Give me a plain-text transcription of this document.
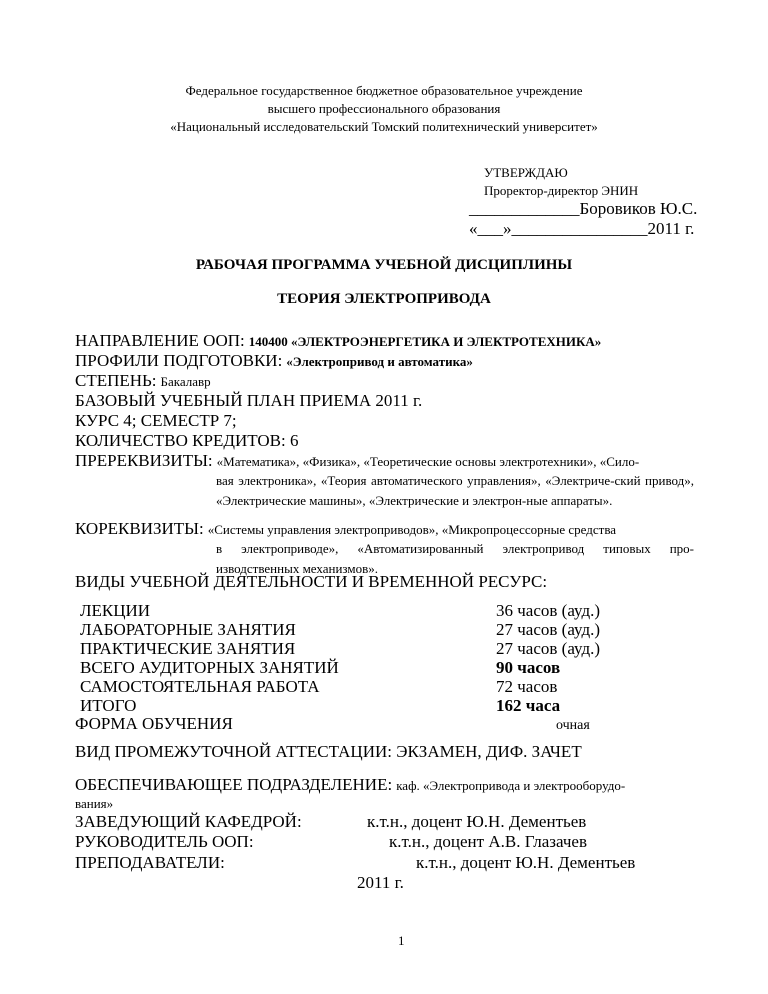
Федеральное государственное бюджетное образовательное учреждение
высшего профессионального образования
«Национальный исследовательский Томский политехнический университет»
УТВЕРЖДАЮ
Проректор-директор ЭНИН
_____________Боровиков Ю.С.
«___»________________2011 г.
РАБОЧАЯ ПРОГРАММА УЧЕБНОЙ ДИСЦИПЛИНЫ
ТЕОРИЯ ЭЛЕКТРОПРИВОДА
НАПРАВЛЕНИЕ ООП: 140400 «ЭЛЕКТРОЭНЕРГЕТИКА И ЭЛЕКТРОТЕХНИКА»
ПРОФИЛИ ПОДГОТОВКИ: «Электропривод и автоматика»
СТЕПЕНЬ: Бакалавр
БАЗОВЫЙ УЧЕБНЫЙ ПЛАН ПРИЕМА 2011 г.
КУРС 4; СЕМЕСТР 7;
КОЛИЧЕСТВО КРЕДИТОВ: 6
ПРЕРЕКВИЗИТЫ: «Математика», «Физика», «Теоретические основы электротехники», «Сило-
вая электроника», «Теория автоматического управления», «Электриче-ский привод», «Электрические машины», «Электрические и электрон-ные аппараты».
КОРЕКВИЗИТЫ: «Системы управления электроприводов», «Микропроцессорные средства
в электроприводе», «Автоматизированный электропривод типовых про-изводственных механизмов».
ВИДЫ УЧЕБНОЙ ДЕЯТЕЛЬНОСТИ И ВРЕМЕННОЙ РЕСУРС:
ЛЕКЦИИ	36 часов (ауд.)
ЛАБОРАТОРНЫЕ ЗАНЯТИЯ	27 часов (ауд.)
ПРАКТИЧЕСКИЕ ЗАНЯТИЯ	27 часов (ауд.)
ВСЕГО АУДИТОРНЫХ ЗАНЯТИЙ	90 часов
САМОСТОЯТЕЛЬНАЯ РАБОТА	72 часов
ИТОГО	162 часа
ФОРМА ОБУЧЕНИЯ	очная
ВИД ПРОМЕЖУТОЧНОЙ АТТЕСТАЦИИ: ЭКЗАМЕН, ДИФ. ЗАЧЕТ
ОБЕСПЕЧИВАЮЩЕЕ ПОДРАЗДЕЛЕНИЕ: каф. «Электропривода и электрооборудо-
вания»
ЗАВЕДУЮЩИЙ КАФЕДРОЙ:	к.т.н., доцент Ю.Н. Дементьев
РУКОВОДИТЕЛЬ ООП:	к.т.н., доцент А.В. Глазачев
ПРЕПОДАВАТЕЛИ:	к.т.н., доцент Ю.Н. Дементьев
2011 г.
1
